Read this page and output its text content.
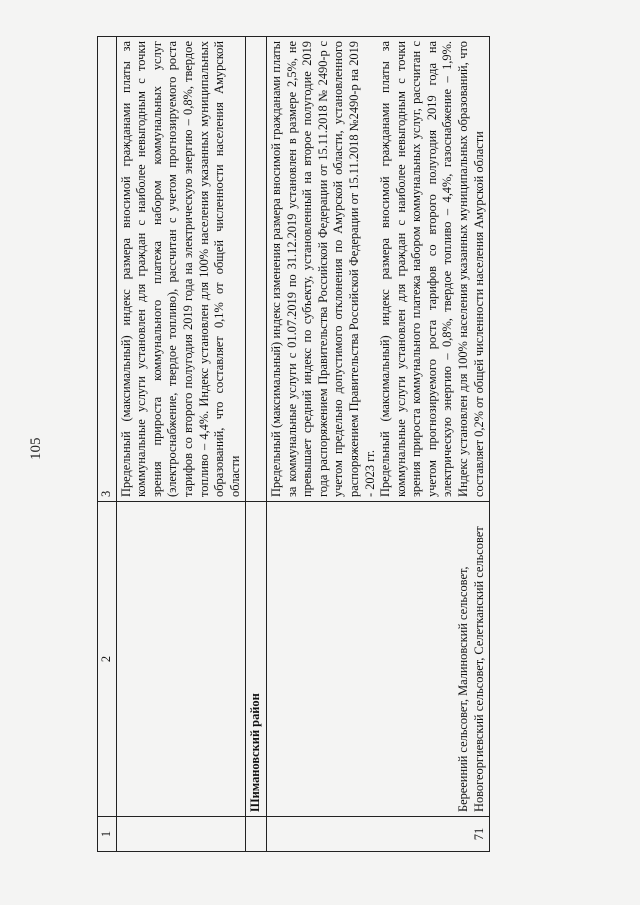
105
1	2	3
		Предельный (максимальный) индекс размера вносимой гражданами платы за коммунальные услуги установлен для граждан с наиболее невыгодным с точки зрения прироста коммунального платежа набором коммунальных услуг (электроснабжение, твердое топливо), рассчитан с учетом прогнозируемого роста тарифов со второго полугодия 2019 года на электрическую энергию – 0,8%, твердое топливо – 4,4%. Индекс установлен для 100% населения указанных муниципальных образований, что составляет 0,1% от общей численности населения Амурской области
	Шимановский район	
71	Берееиний сельсовет, Малиновский сельсовет, Новогеоргиевский сельсовет, Селетканский сельсовет	Предельный (максимальный) индекс изменения размера вносимой гражданами платы за коммунальные услуги с 01.07.2019 по 31.12.2019 установлен в размере 2,5%, не превышает средний индекс по субъекту, установленный на второе полугодие 2019 года распоряжением Правительства Российской Федерации от 15.11.2018 № 2490-р с учетом предельно допустимого отклонения по Амурской области, установленного распоряжением Правительства Российской Федерации от 15.11.2018 №2490-р на 2019 - 2023 гг. Предельный (максимальный) индекс размера вносимой гражданами платы за коммунальные услуги установлен для граждан с наиболее невыгодным с точки зрения прироста коммунального платежа набором коммунальных услуг, рассчитан с учетом прогнозируемого роста тарифов со второго полугодия 2019 года на электрическую энергию – 0,8%, твердое топливо – 4,4%, газоснабжение – 1,9%. Индекс установлен для 100% населения указанных муниципальных образований, что составляет 0,2% от общей численности населения Амурской области
